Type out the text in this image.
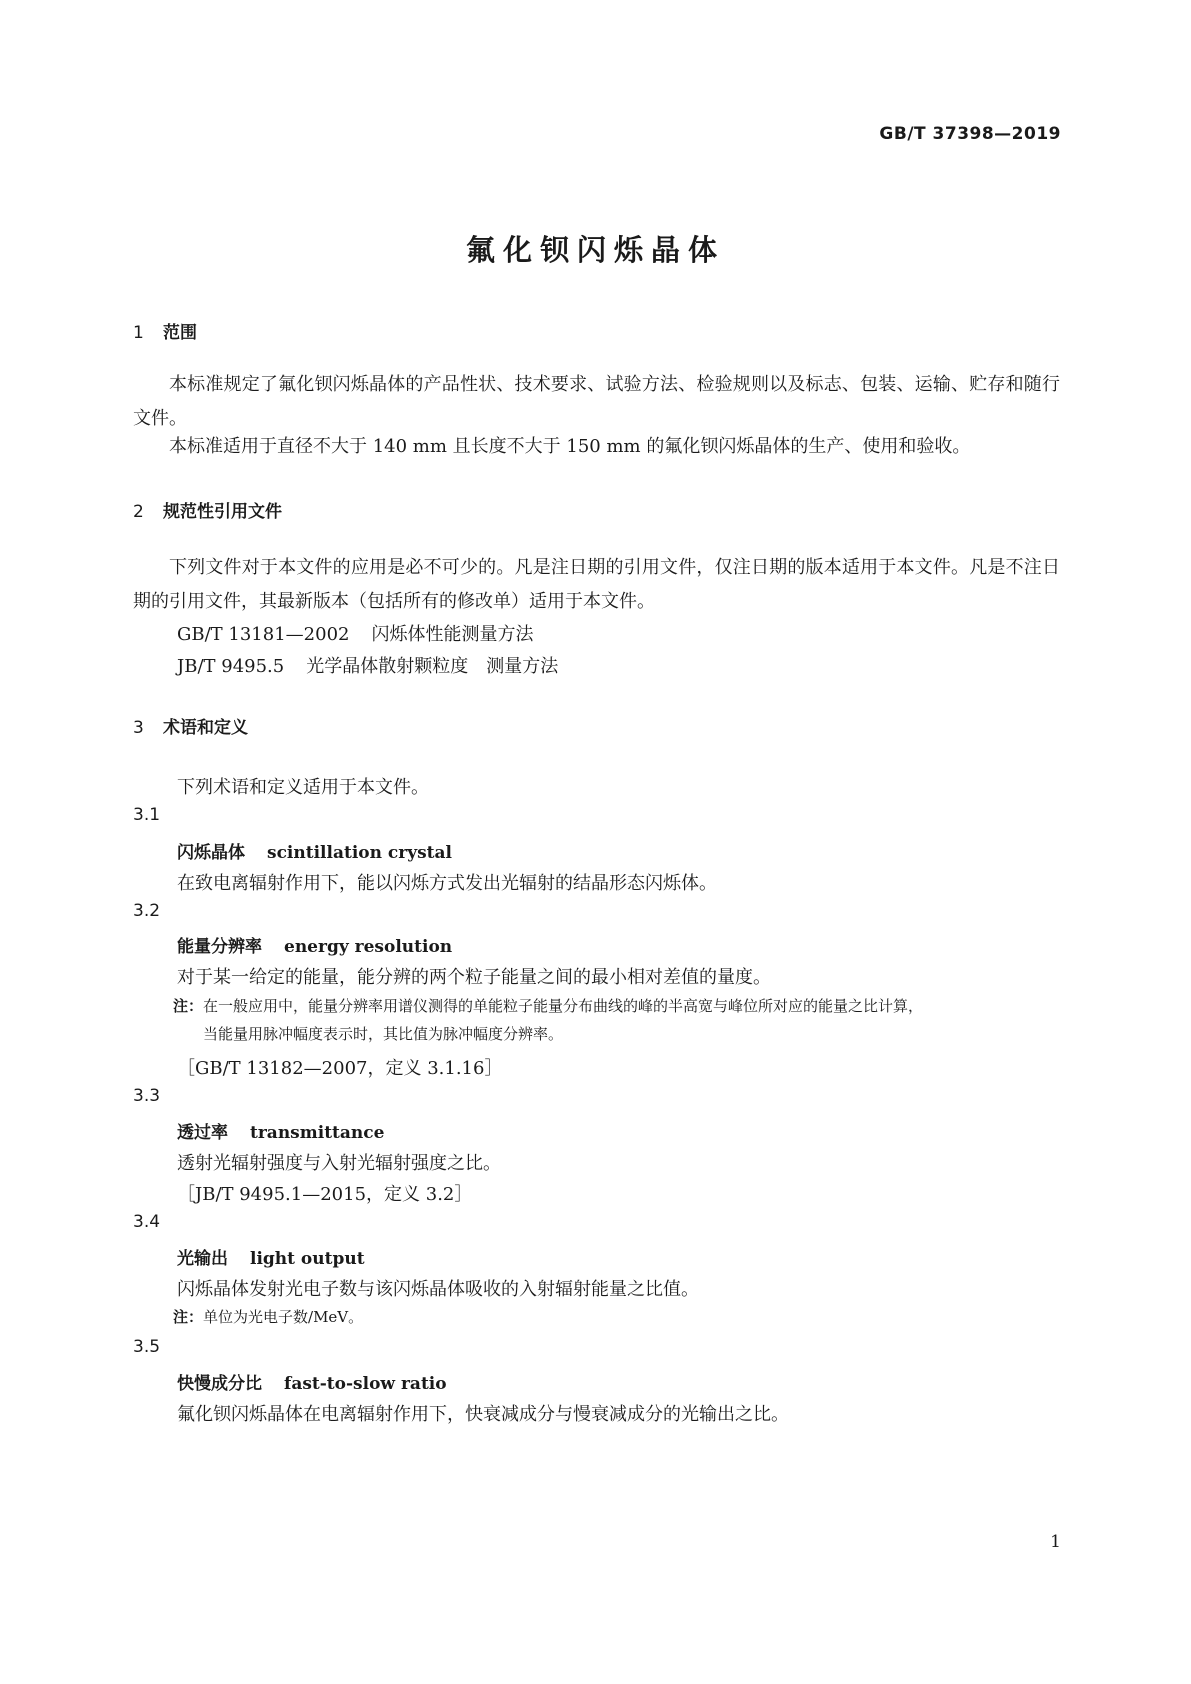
GB/T 37398—2019
氟化钡闪烁晶体
1 范围
本标准规定了氟化钡闪烁晶体的产品性状、技术要求、试验方法、检验规则以及标志、包装、运输、贮存和随行文件。
本标准适用于直径不大于 140 mm 且长度不大于 150 mm 的氟化钡闪烁晶体的生产、使用和验收。
2 规范性引用文件
下列文件对于本文件的应用是必不可少的。凡是注日期的引用文件，仅注日期的版本适用于本文件。凡是不注日期的引用文件，其最新版本（包括所有的修改单）适用于本文件。
GB/T 13181—2002 闪烁体性能测量方法
JB/T 9495.5 光学晶体散射颗粒度　测量方法
3 术语和定义
下列术语和定义适用于本文件。
3.1
闪烁晶体 scintillation crystal
在致电离辐射作用下，能以闪烁方式发出光辐射的结晶形态闪烁体。
3.2
能量分辨率 energy resolution
对于某一给定的能量，能分辨的两个粒子能量之间的最小相对差值的量度。
注：在一般应用中，能量分辨率用谱仪测得的单能粒子能量分布曲线的峰的半高宽与峰位所对应的能量之比计算，
当能量用脉冲幅度表示时，其比值为脉冲幅度分辨率。
［GB/T 13182—2007，定义 3.1.16］
3.3
透过率 transmittance
透射光辐射强度与入射光辐射强度之比。
［JB/T 9495.1—2015，定义 3.2］
3.4
光输出 light output
闪烁晶体发射光电子数与该闪烁晶体吸收的入射辐射能量之比值。
注：单位为光电子数/MeV。
3.5
快慢成分比 fast-to-slow ratio
氟化钡闪烁晶体在电离辐射作用下，快衰减成分与慢衰减成分的光输出之比。
1
